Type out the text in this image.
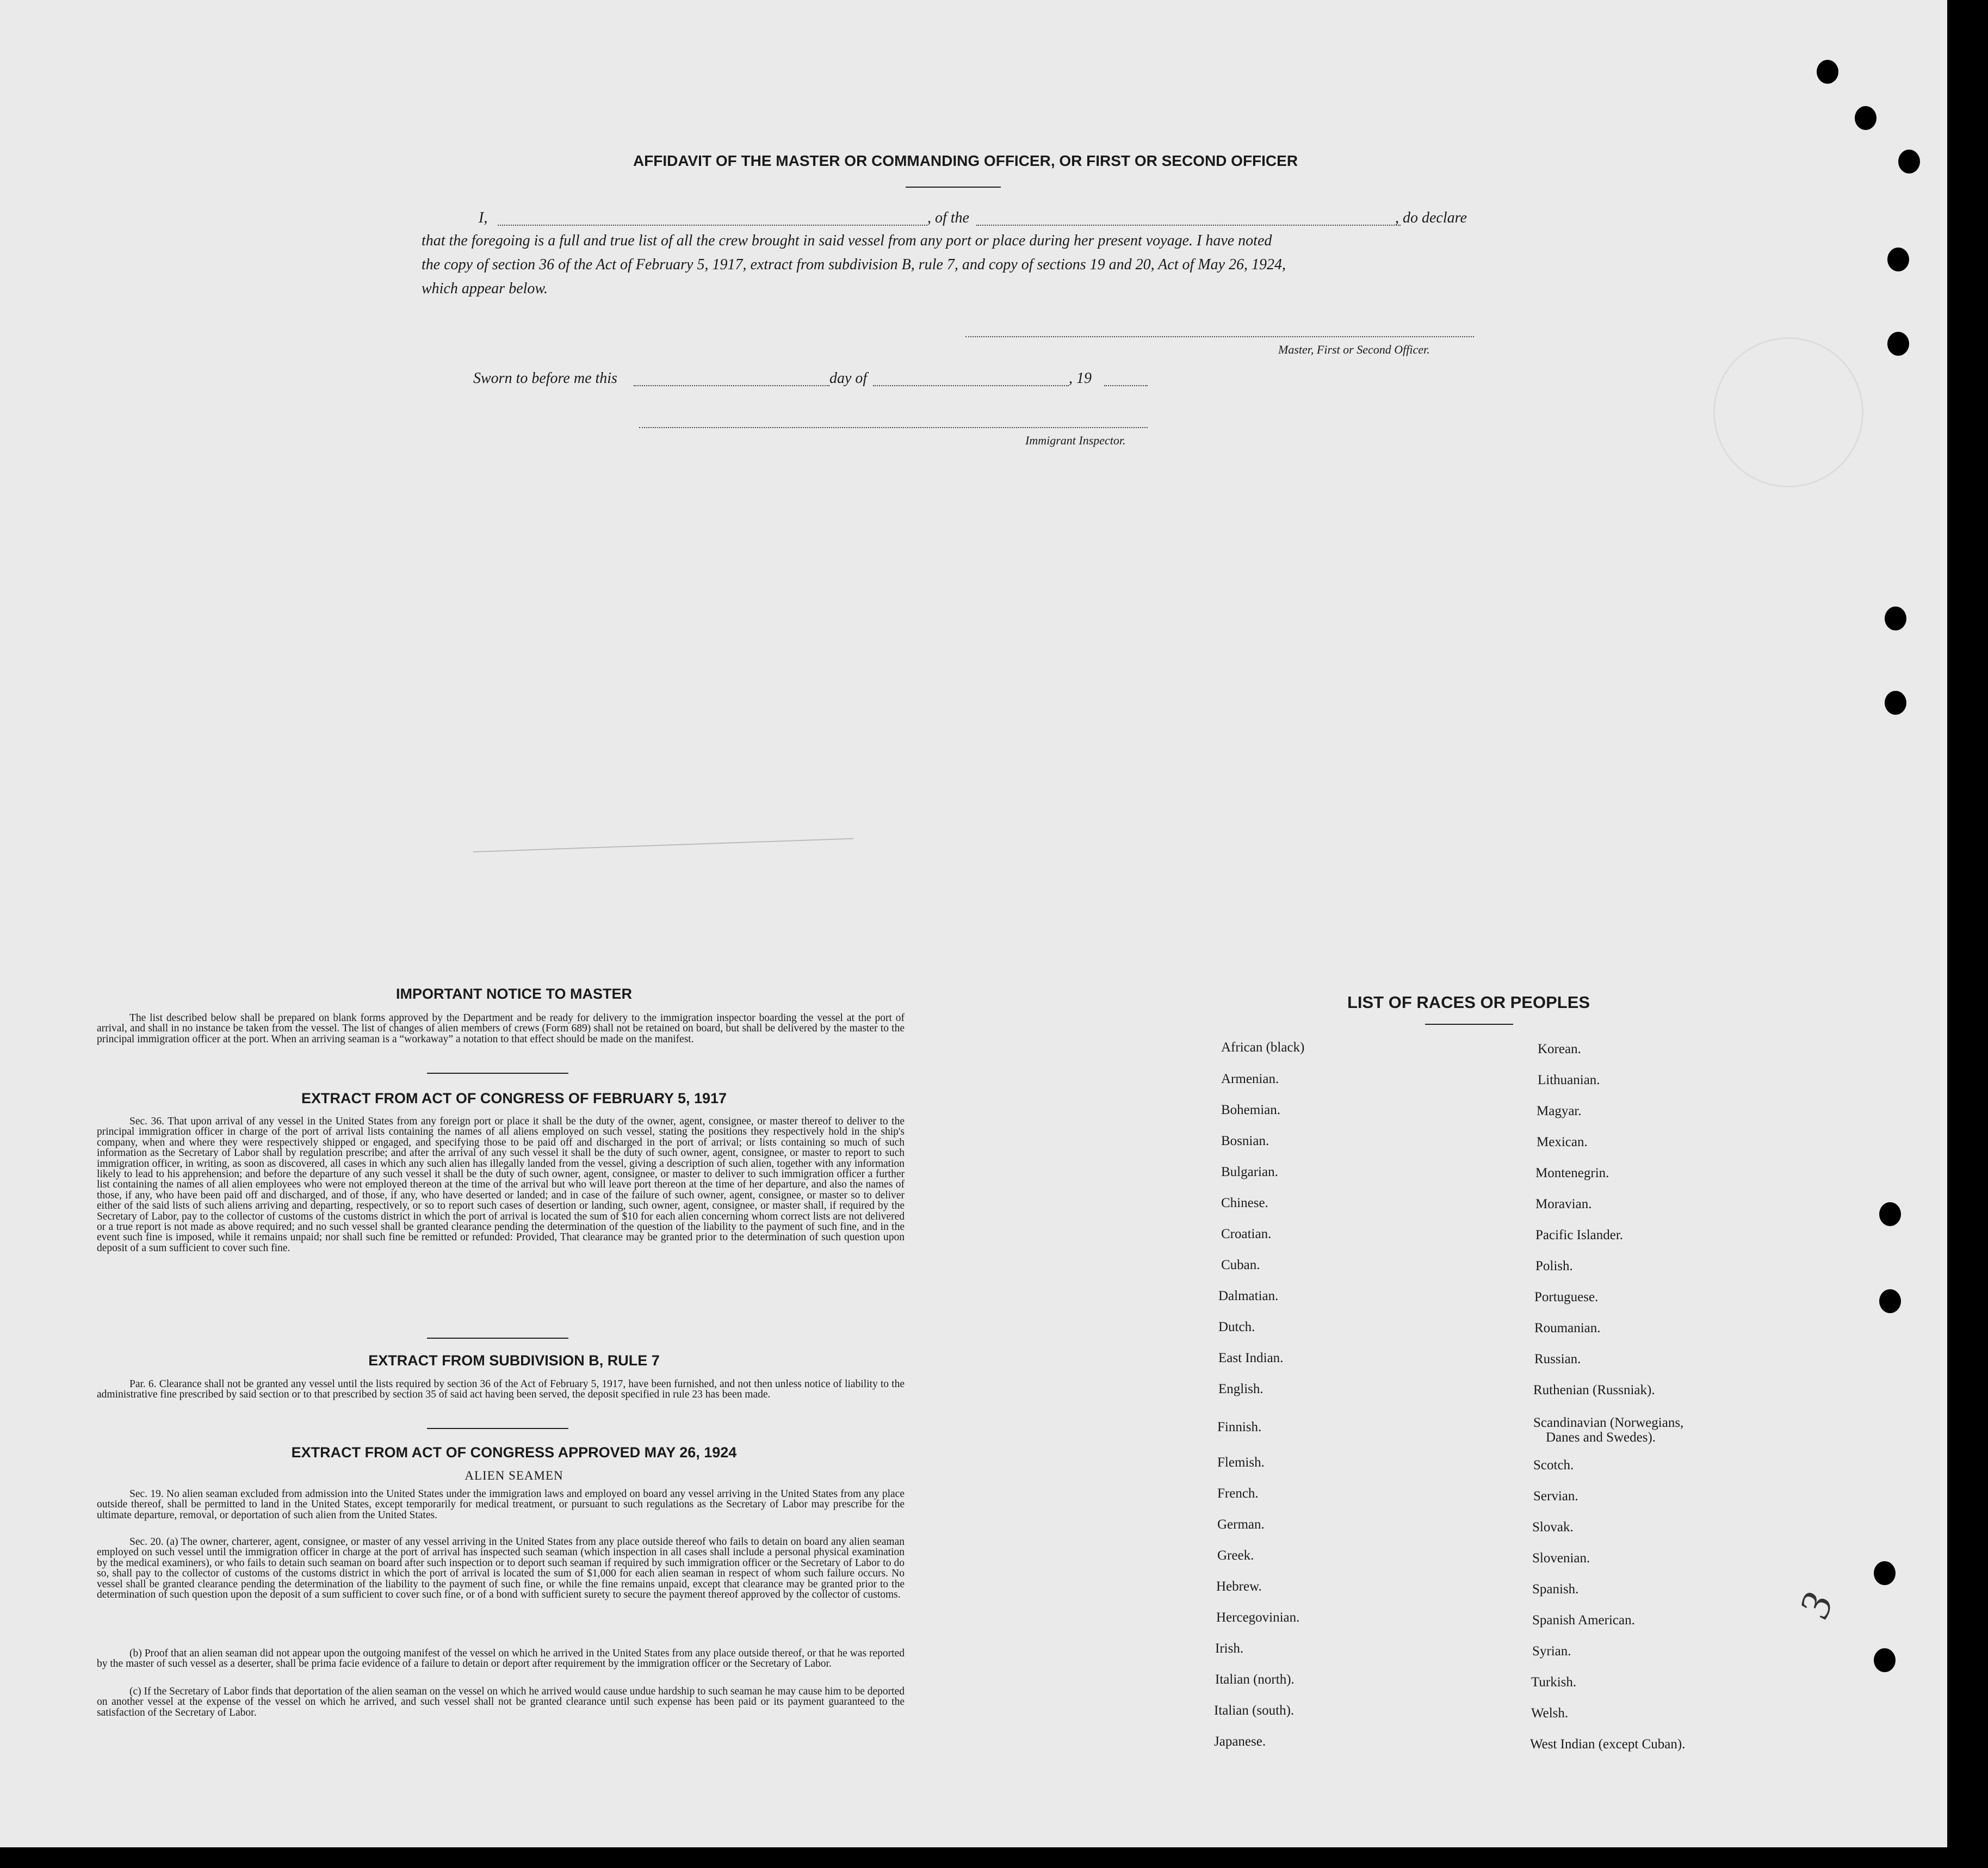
AFFIDAVIT OF THE MASTER OR COMMANDING OFFICER, OR FIRST OR SECOND OFFICER
I,	, of the	, do declare
that the foregoing is a full and true list of all the crew brought in said vessel from any port or place during her present voyage. I have noted
the copy of section 36 of the Act of February 5, 1917, extract from subdivision B, rule 7, and copy of sections 19 and 20, Act of May 26, 1924,
which appear below.
Master, First or Second Officer.
Sworn to before me this	day of	, 19
Immigrant Inspector.
IMPORTANT NOTICE TO MASTER
The list described below shall be prepared on blank forms approved by the Department and be ready for delivery to the immigration inspector boarding the vessel at the port of arrival, and shall in no instance be taken from the vessel. The list of changes of alien members of crews (Form 689) shall not be retained on board, but shall be delivered by the master to the principal immigration officer at the port. When an arriving seaman is a “workaway” a notation to that effect should be made on the manifest.
EXTRACT FROM ACT OF CONGRESS OF FEBRUARY 5, 1917
Sec. 36. That upon arrival of any vessel in the United States from any foreign port or place it shall be the duty of the owner, agent, consignee, or master thereof to deliver to the principal immigration officer in charge of the port of arrival lists containing the names of all aliens employed on such vessel, stating the positions they respectively hold in the ship's company, when and where they were respectively shipped or engaged, and specifying those to be paid off and discharged in the port of arrival; or lists containing so much of such information as the Secretary of Labor shall by regulation prescribe; and after the arrival of any such vessel it shall be the duty of such owner, agent, consignee, or master to report to such immigration officer, in writing, as soon as discovered, all cases in which any such alien has illegally landed from the vessel, giving a description of such alien, together with any information likely to lead to his apprehension; and before the departure of any such vessel it shall be the duty of such owner, agent, consignee, or master to deliver to such immigration officer a further list containing the names of all alien employees who were not employed thereon at the time of the arrival but who will leave port thereon at the time of her departure, and also the names of those, if any, who have been paid off and discharged, and of those, if any, who have deserted or landed; and in case of the failure of such owner, agent, consignee, or master so to deliver either of the said lists of such aliens arriving and departing, respectively, or so to report such cases of desertion or landing, such owner, agent, consignee, or master shall, if required by the Secretary of Labor, pay to the collector of customs of the customs district in which the port of arrival is located the sum of $10 for each alien concerning whom correct lists are not delivered or a true report is not made as above required; and no such vessel shall be granted clearance pending the determination of the question of the liability to the payment of such fine, and in the event such fine is imposed, while it remains unpaid; nor shall such fine be remitted or refunded: Provided, That clearance may be granted prior to the determination of such question upon deposit of a sum sufficient to cover such fine.
EXTRACT FROM SUBDIVISION B, RULE 7
Par. 6. Clearance shall not be granted any vessel until the lists required by section 36 of the Act of February 5, 1917, have been furnished, and not then unless notice of liability to the administrative fine prescribed by said section or to that prescribed by section 35 of said act having been served, the deposit specified in rule 23 has been made.
EXTRACT FROM ACT OF CONGRESS APPROVED MAY 26, 1924
ALIEN SEAMEN
Sec. 19. No alien seaman excluded from admission into the United States under the immigration laws and employed on board any vessel arriving in the United States from any place outside thereof, shall be permitted to land in the United States, except temporarily for medical treatment, or pursuant to such regulations as the Secretary of Labor may prescribe for the ultimate departure, removal, or deportation of such alien from the United States.
Sec. 20. (a) The owner, charterer, agent, consignee, or master of any vessel arriving in the United States from any place outside thereof who fails to detain on board any alien seaman employed on such vessel until the immigration officer in charge at the port of arrival has inspected such seaman (which inspection in all cases shall include a personal physical examination by the medical examiners), or who fails to detain such seaman on board after such inspection or to deport such seaman if required by such immigration officer or the Secretary of Labor to do so, shall pay to the collector of customs of the customs district in which the port of arrival is located the sum of $1,000 for each alien seaman in respect of whom such failure occurs. No vessel shall be granted clearance pending the determination of the liability to the payment of such fine, or while the fine remains unpaid, except that clearance may be granted prior to the determination of such question upon the deposit of a sum sufficient to cover such fine, or of a bond with sufficient surety to secure the payment thereof approved by the collector of customs.
(b) Proof that an alien seaman did not appear upon the outgoing manifest of the vessel on which he arrived in the United States from any place outside thereof, or that he was reported by the master of such vessel as a deserter, shall be prima facie evidence of a failure to detain or deport after requirement by the immigration officer or the Secretary of Labor.
(c) If the Secretary of Labor finds that deportation of the alien seaman on the vessel on which he arrived would cause undue hardship to such seaman he may cause him to be deported on another vessel at the expense of the vessel on which he arrived, and such vessel shall not be granted clearance until such expense has been paid or its payment guaranteed to the satisfaction of the Secretary of Labor.
LIST OF RACES OR PEOPLES
African (black)
Armenian.
Bohemian.
Bosnian.
Bulgarian.
Chinese.
Croatian.
Cuban.
Dalmatian.
Dutch.
East Indian.
English.
Finnish.
Flemish.
French.
German.
Greek.
Hebrew.
Hercegovinian.
Irish.
Italian (north).
Italian (south).
Japanese.
Korean.
Lithuanian.
Magyar.
Mexican.
Montenegrin.
Moravian.
Pacific Islander.
Polish.
Portuguese.
Roumanian.
Russian.
Ruthenian (Russniak).
Scandinavian (Norwegians,
Danes and Swedes).
Scotch.
Servian.
Slovak.
Slovenian.
Spanish.
Spanish American.
Syrian.
Turkish.
Welsh.
West Indian (except Cuban).
3
